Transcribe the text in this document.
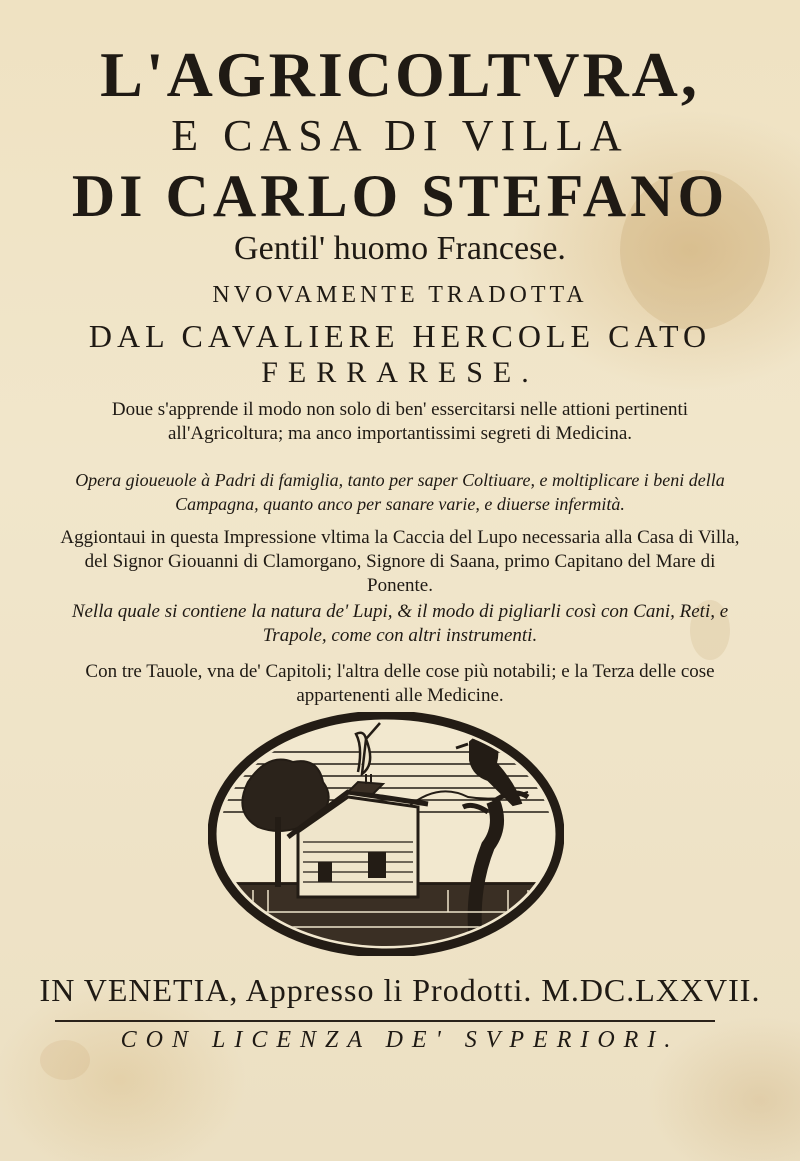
L'AGRICOLTVRA,
E CASA DI VILLA
DI CARLO STEFANO
Gentil' huomo Francese.
NVOVAMENTE TRADOTTA
DAL CAVALIERE HERCOLE CATO
FERRARESE.
Doue s'apprende il modo non solo di ben' essercitarsi nelle attioni pertinenti all'Agricoltura; ma anco importantissimi segreti di Medicina.
Opera gioueuole à Padri di famiglia, tanto per saper Coltiuare, e moltiplicare i beni della Campagna, quanto anco per sanare varie, e diuerse infermità.
Aggiontaui in questa Impressione vltima la Caccia del Lupo necessaria alla Casa di Villa, del Signor Giouanni di Clamorgano, Signore di Saana, primo Capitano del Mare di Ponente.
Nella quale si contiene la natura de' Lupi, & il modo di pigliarli così con Cani, Reti, e Trapole, come con altri instrumenti.
Con tre Tauole, vna de' Capitoli; l'altra delle cose più notabili; e la Terza delle cose appartenenti alle Medicine.
IN VENETIA, Appresso li Prodotti. M.DC.LXXVII.
CON LICENZA DE' SVPERIORI.
